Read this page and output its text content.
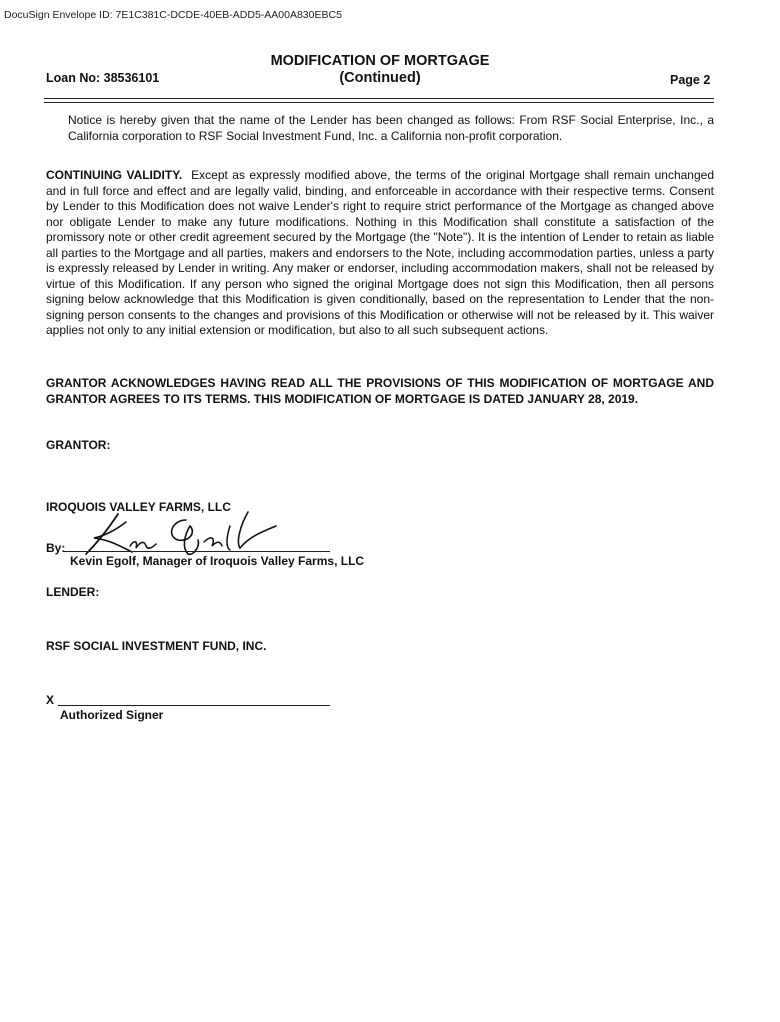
DocuSign Envelope ID: 7E1C381C-DCDE-40EB-ADD5-AA00A830EBC5
MODIFICATION OF MORTGAGE
(Continued)
Loan No: 38536101	Page 2
Notice is hereby given that the name of the Lender has been changed as follows: From RSF Social Enterprise, Inc., a California corporation to RSF Social Investment Fund, Inc. a California non-profit corporation.
CONTINUING VALIDITY. Except as expressly modified above, the terms of the original Mortgage shall remain unchanged and in full force and effect and are legally valid, binding, and enforceable in accordance with their respective terms. Consent by Lender to this Modification does not waive Lender's right to require strict performance of the Mortgage as changed above nor obligate Lender to make any future modifications. Nothing in this Modification shall constitute a satisfaction of the promissory note or other credit agreement secured by the Mortgage (the "Note"). It is the intention of Lender to retain as liable all parties to the Mortgage and all parties, makers and endorsers to the Note, including accommodation parties, unless a party is expressly released by Lender in writing. Any maker or endorser, including accommodation makers, shall not be released by virtue of this Modification. If any person who signed the original Mortgage does not sign this Modification, then all persons signing below acknowledge that this Modification is given conditionally, based on the representation to Lender that the non-signing person consents to the changes and provisions of this Modification or otherwise will not be released by it. This waiver applies not only to any initial extension or modification, but also to all such subsequent actions.
GRANTOR ACKNOWLEDGES HAVING READ ALL THE PROVISIONS OF THIS MODIFICATION OF MORTGAGE AND GRANTOR AGREES TO ITS TERMS. THIS MODIFICATION OF MORTGAGE IS DATED JANUARY 28, 2019.
GRANTOR:
IROQUOIS VALLEY FARMS, LLC
By:
Kevin Egolf, Manager of Iroquois Valley Farms, LLC
LENDER:
RSF SOCIAL INVESTMENT FUND, INC.
X
Authorized Signer
